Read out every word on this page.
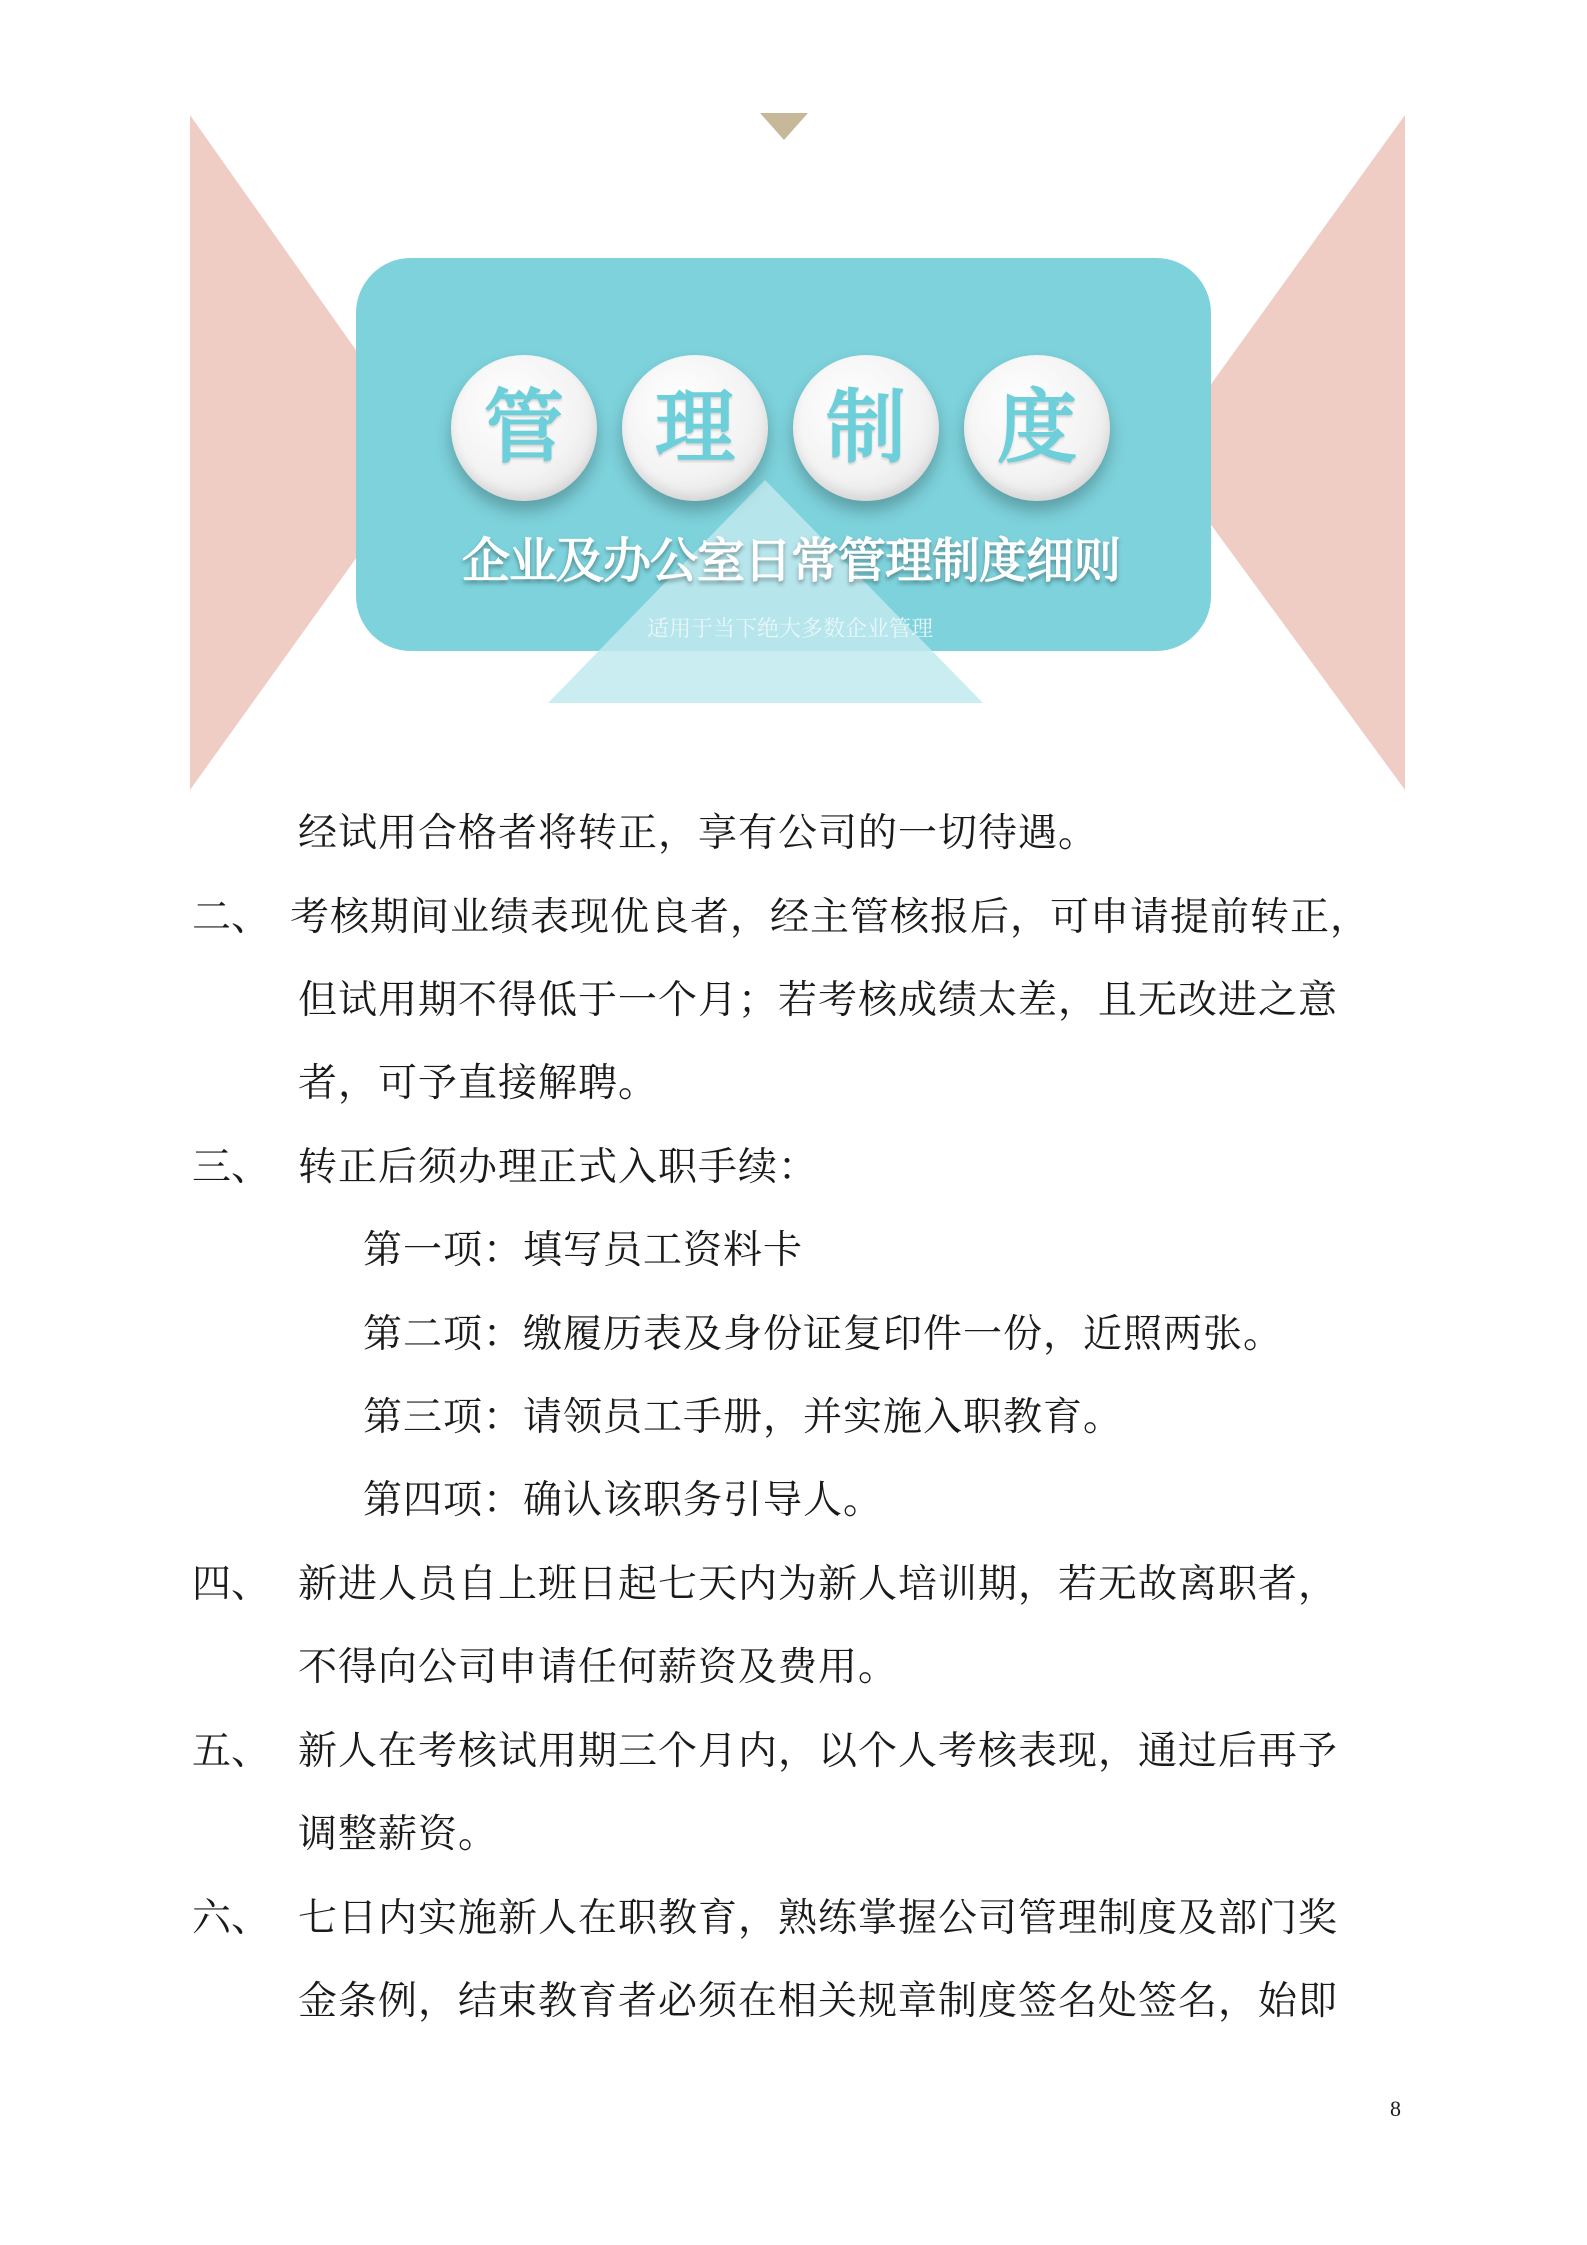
管 理 制 度
企业及办公室日常管理制度细则
适用于当下绝大多数企业管理
经试用合格者将转正，享有公司的一切待遇。
二、 考核期间业绩表现优良者，经主管核报后，可申请提前转正，
但试用期不得低于一个月；若考核成绩太差，且无改进之意
者，可予直接解聘。
三、 转正后须办理正式入职手续：
第一项：填写员工资料卡
第二项：缴履历表及身份证复印件一份，近照两张。
第三项：请领员工手册，并实施入职教育。
第四项：确认该职务引导人。
四、 新进人员自上班日起七天内为新人培训期，若无故离职者，
不得向公司申请任何薪资及费用。
五、 新人在考核试用期三个月内，以个人考核表现，通过后再予
调整薪资。
六、 七日内实施新人在职教育，熟练掌握公司管理制度及部门奖
金条例，结束教育者必须在相关规章制度签名处签名，始即
8
